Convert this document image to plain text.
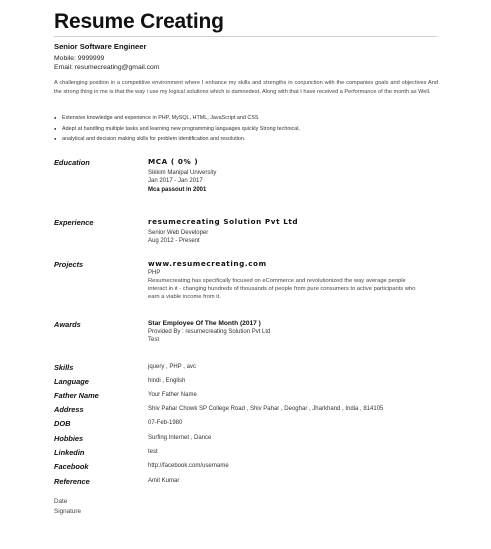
Resume Creating
Senior Software Engineer
Mobile: 9999999
Email: resumecreating@gmail.com

A challenging position in a competitive environment where I enhance my skills and strengths in conjunction with the companies goals and objectives And the strong thing in me is that the way i use my logical solutions which is damnedest. Along with that I have received a Performance of the month as Well.

● Extensive knowledge and experience in PHP, MySQL, HTML, JavaScript and CSS
● Adept at handling multiple tasks and learning new programming languages quickly Strong technical,
● analytical and decision making skills for problem identification and resolution.
Education	MCA ( 0% )
Sikkim Manipal University
Jan 2017 - Jan 2017
Mca passout in 2001
Experience	resumecreating Solution Pvt Ltd
Senior Web Developer
Aug 2012 - Present
Projects	www.resumecreating.com
PHP

Resumecreating has specifically focused on eCommerce and revolutionized the way average people interact in it - changing hundreds of thousands of people from pure consumers to active participants who earn a viable income from it.

Awards	Star Employee Of The Month (2017 )
Provided By : resumecreating Solution Pvt Ltd
Test
Skills	jquery , PHP , avc
Language	hindi , English
Father Name	Your Father Name
Address	Shiv Pahar Chowk SP College Road , Shiv Pahar , Deoghar , Jharkhand , India , 814105
DOB	07-Feb-1980
Hobbies	Surfing Internet , Dance
Linkedin	test
Facebook	http://facebook.com/username
Reference	Amit Kumar
Date
Signature
